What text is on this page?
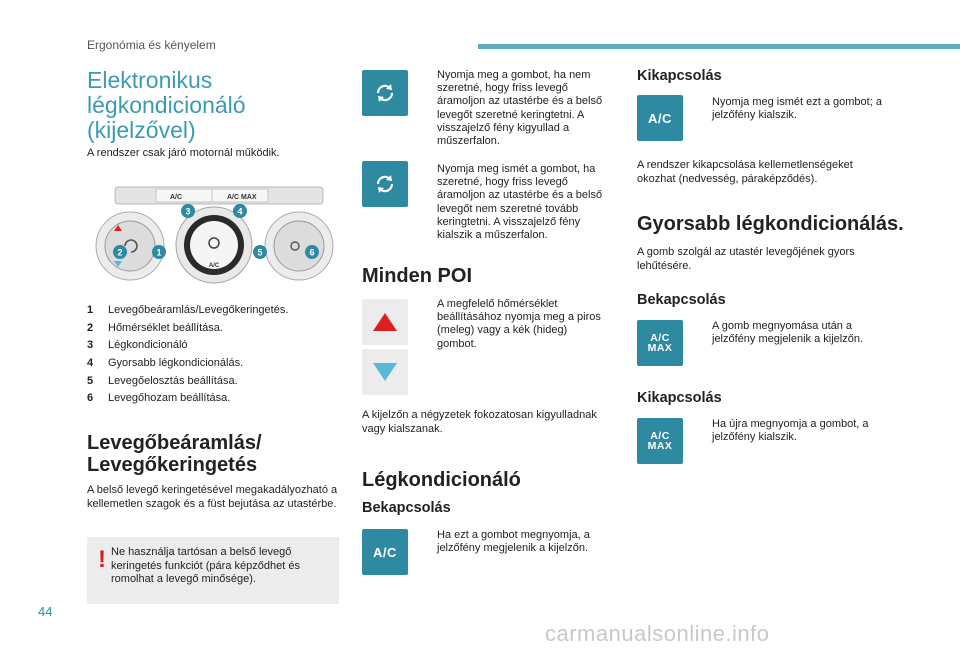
Ergonómia és kényelem
Elektronikus
légkondicionáló
(kijelzővel)
A rendszer csak járó motornál működik.
A/C	A/C MAX
A/C
MAX
3	4
2	1	5	6
1	Levegőbeáramlás/Levegőkeringetés.
2	Hőmérséklet beállítása.
3	Légkondicionáló
4	Gyorsabb légkondicionálás.
5	Levegőelosztás beállítása.
6	Levegőhozam beállítása.
Levegőbeáramlás/
Levegőkeringetés
A belső levegő keringetésével megakadályozható a kellemetlen szagok és a füst bejutása az utastérbe.
! Ne használja tartósan a belső levegő keringetés funkciót (pára képződhet és romolhat a levegő minősége).
Nyomja meg a gombot, ha nem szeretné, hogy friss levegő áramoljon az utastérbe és a belső levegőt szeretné keringtetni. A visszajelző fény kigyullad a műszerfalon.
Nyomja meg ismét a gombot, ha szeretné, hogy friss levegő áramoljon az utastérbe és a belső levegőt nem szeretné tovább keringtetni. A visszajelző fény kialszik a műszerfalon.
Minden POI
A megfelelő hőmérséklet beállításához nyomja meg a piros (meleg) vagy a kék (hideg) gombot.
A kijelzőn a négyzetek fokozatosan kigyulladnak vagy kialszanak.
Légkondicionáló
Bekapcsolás
A/C
Ha ezt a gombot megnyomja, a jelzőfény megjelenik a kijelzőn.
Kikapcsolás
A/C
Nyomja meg ismét ezt a gombot; a jelzőfény kialszik.
A rendszer kikapcsolása kellemetlenségeket okozhat (nedvesség, páraképződés).
Gyorsabb légkondicionálás.
A gomb szolgál az utastér levegőjének gyors lehűtésére.
Bekapcsolás
A/C
MAX
A gomb megnyomása után a jelzőfény megjelenik a kijelzőn.
Kikapcsolás
A/C
MAX
Ha újra megnyomja a gombot, a jelzőfény kialszik.
44
carmanualsonline.info
